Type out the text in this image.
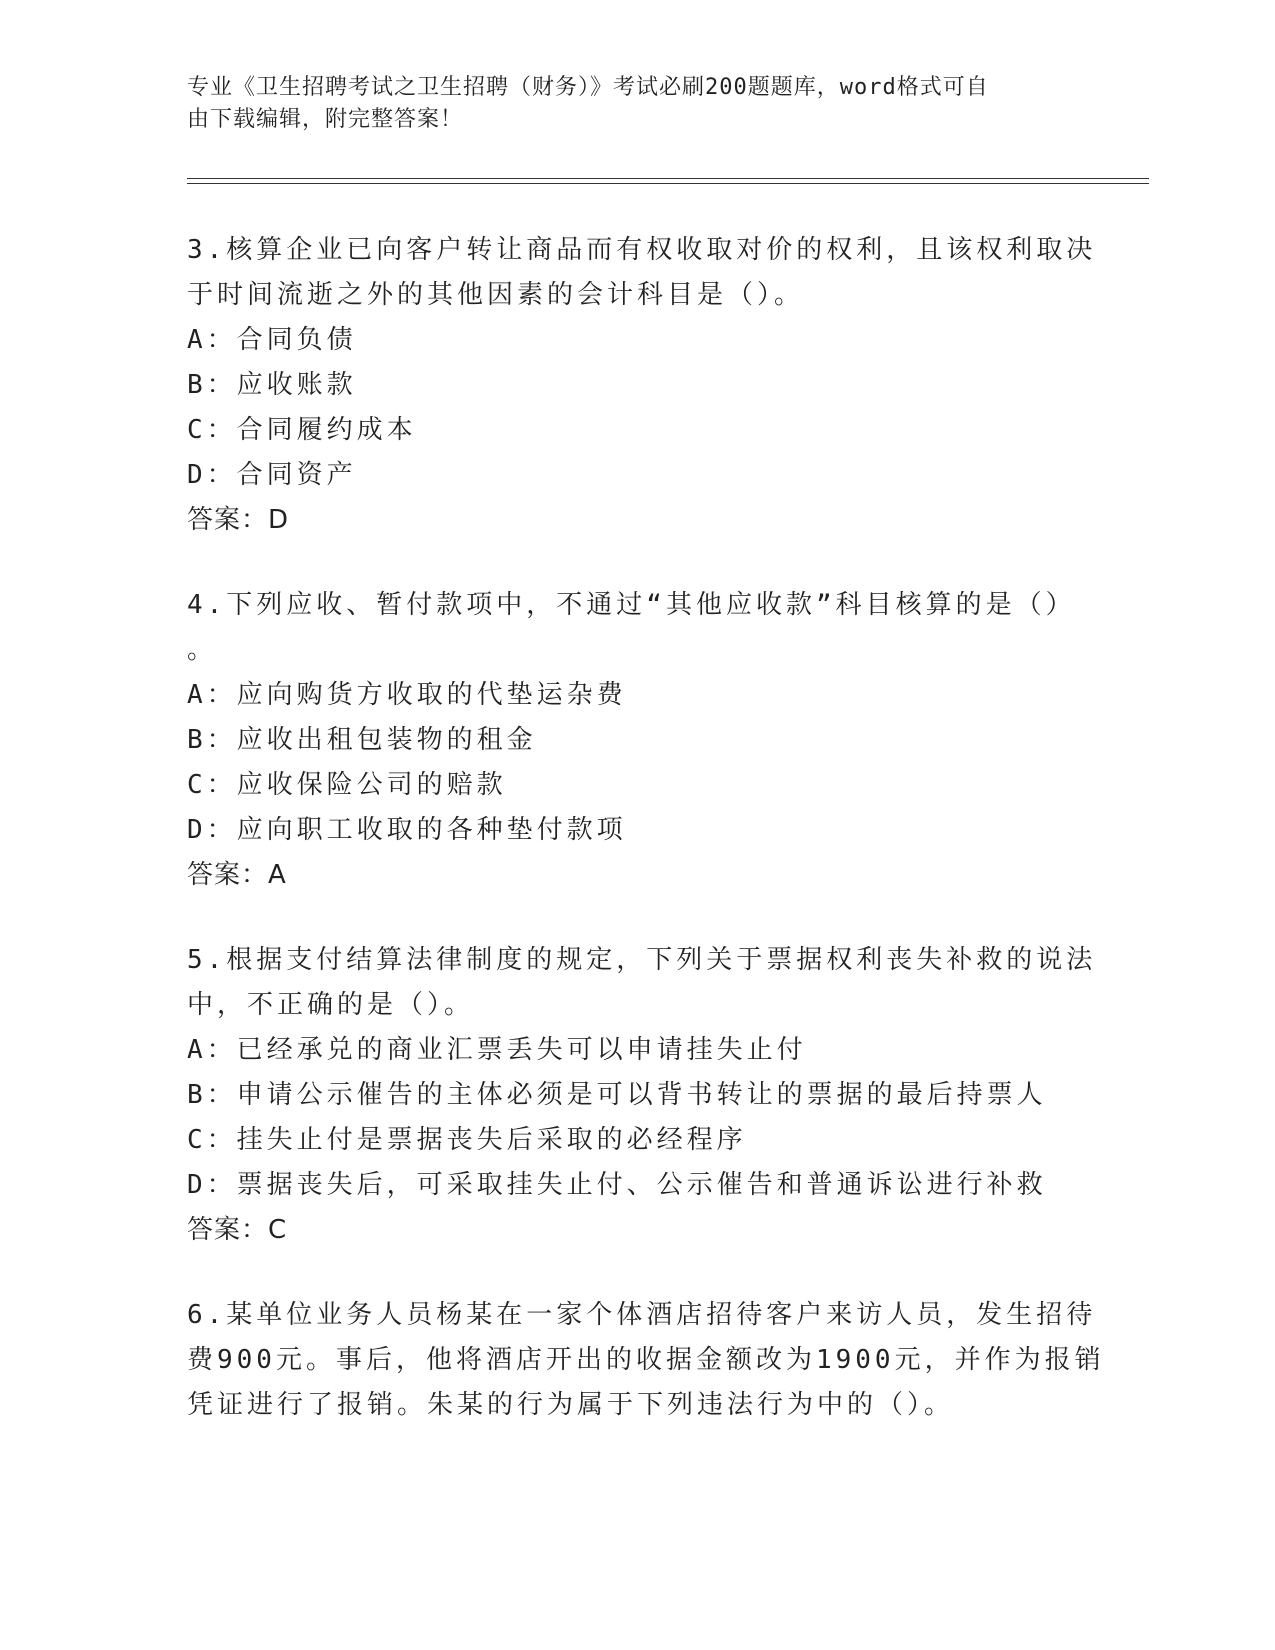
专业《卫生招聘考试之卫生招聘（财务）》考试必刷200题题库，word格式可自
由下载编辑，附完整答案！
3.核算企业已向客户转让商品而有权收取对价的权利，且该权利取决
于时间流逝之外的其他因素的会计科目是（）。
A：合同负债
B：应收账款
C：合同履约成本
D：合同资产
答案：D
4.下列应收、暂付款项中，不通过“其他应收款”科目核算的是（）
。
A：应向购货方收取的代垫运杂费
B：应收出租包装物的租金
C：应收保险公司的赔款
D：应向职工收取的各种垫付款项
答案：A
5.根据支付结算法律制度的规定，下列关于票据权利丧失补救的说法
中，不正确的是（）。
A：已经承兑的商业汇票丢失可以申请挂失止付
B：申请公示催告的主体必须是可以背书转让的票据的最后持票人
C：挂失止付是票据丧失后采取的必经程序
D：票据丧失后，可采取挂失止付、公示催告和普通诉讼进行补救
答案：C
6.某单位业务人员杨某在一家个体酒店招待客户来访人员，发生招待
费900元。事后，他将酒店开出的收据金额改为1900元，并作为报销
凭证进行了报销。朱某的行为属于下列违法行为中的（）。
